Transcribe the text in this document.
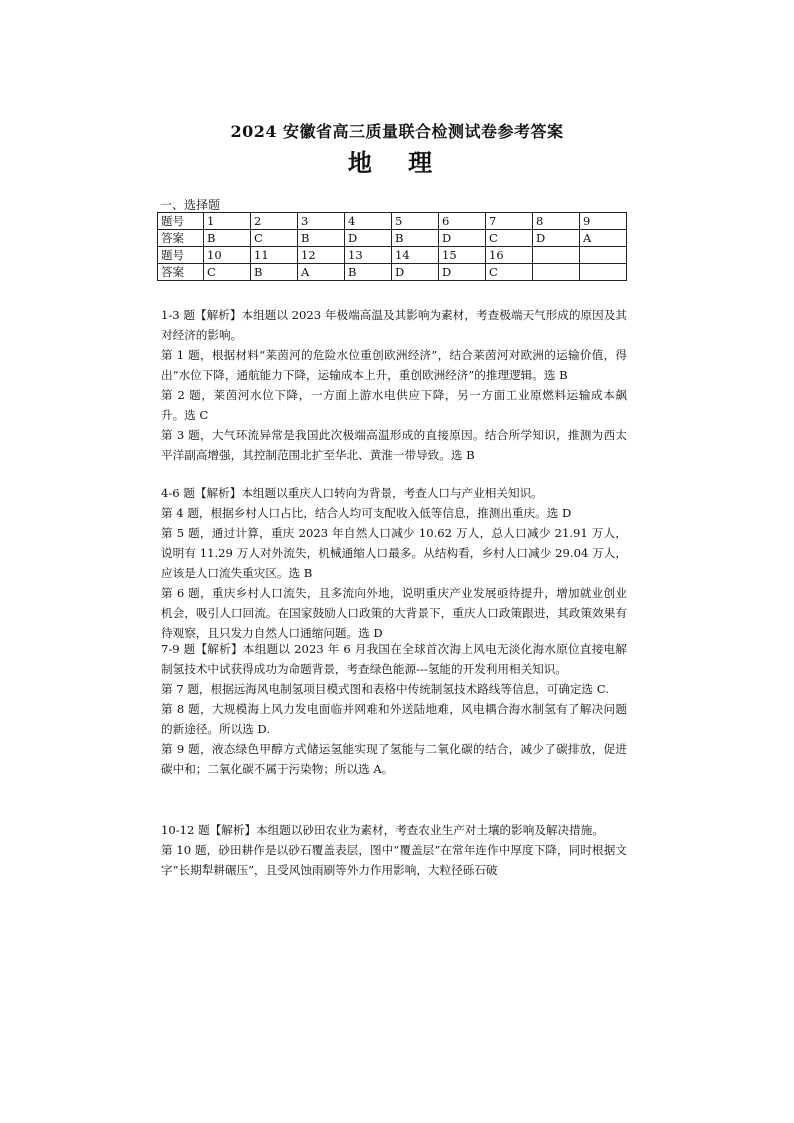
2024 安徽省高三质量联合检测试卷参考答案
地 理
一、选择题
题号	1	2	3	4	5	6	7	8	9
答案	B	C	B	D	B	D	C	D	A
题号	10	11	12	13	14	15	16		
答案	C	B	A	B	D	D	C		

1-3 题【解析】本组题以 2023 年极端高温及其影响为素材，考查极端天气形成的原因及其对经济的影响。

第 1 题，根据材料“莱茵河的危险水位重创欧洲经济”，结合莱茵河对欧洲的运输价值，得出“水位下降，通航能力下降，运输成本上升，重创欧洲经济”的推理逻辑。选 B

第 2 题，莱茵河水位下降，一方面上游水电供应下降，另一方面工业原燃料运输成本飙升。选 C

第 3 题，大气环流异常是我国此次极端高温形成的直接原因。结合所学知识，推测为西太平洋副高增强，其控制范围北扩至华北、黄淮一带导致。选 B

4-6 题【解析】本组题以重庆人口转向为背景，考查人口与产业相关知识。

第 4 题，根据乡村人口占比，结合人均可支配收入低等信息，推测出重庆。选 D

第 5 题，通过计算，重庆 2023 年自然人口减少 10.62 万人，总人口减少 21.91 万人，说明有 11.29 万人对外流失，机械通缩人口最多。从结构看，乡村人口减少 29.04 万人，应该是人口流失重灾区。选 B

第 6 题，重庆乡村人口流失，且多流向外地，说明重庆产业发展亟待提升，增加就业创业机会，吸引人口回流。在国家鼓励人口政策的大背景下，重庆人口政策跟进，其政策效果有待观察，且只发力自然人口通缩问题。选 D

7-9 题【解析】本组题以 2023 年 6 月我国在全球首次海上风电无淡化海水原位直接电解制氢技术中试获得成功为命题背景，考查绿色能源---氢能的开发利用相关知识。

第 7 题，根据远海风电制氢项目模式图和表格中传统制氢技术路线等信息，可确定选 C.

第 8 题，大规模海上风力发电面临并网难和外送陆地难，风电耦合海水制氢有了解决问题的新途径。所以选 D.

第 9 题，液态绿色甲醇方式储运氢能实现了氢能与二氧化碳的结合，减少了碳排放，促进碳中和；二氧化碳不属于污染物；所以选 A。

10-12 题【解析】本组题以砂田农业为素材，考查农业生产对土壤的影响及解决措施。

第 10 题，砂田耕作是以砂石覆盖表层，图中“覆盖层”在常年连作中厚度下降，同时根据文字“长期犁耕碾压”，且受风蚀雨刷等外力作用影响，大粒径砾石破
